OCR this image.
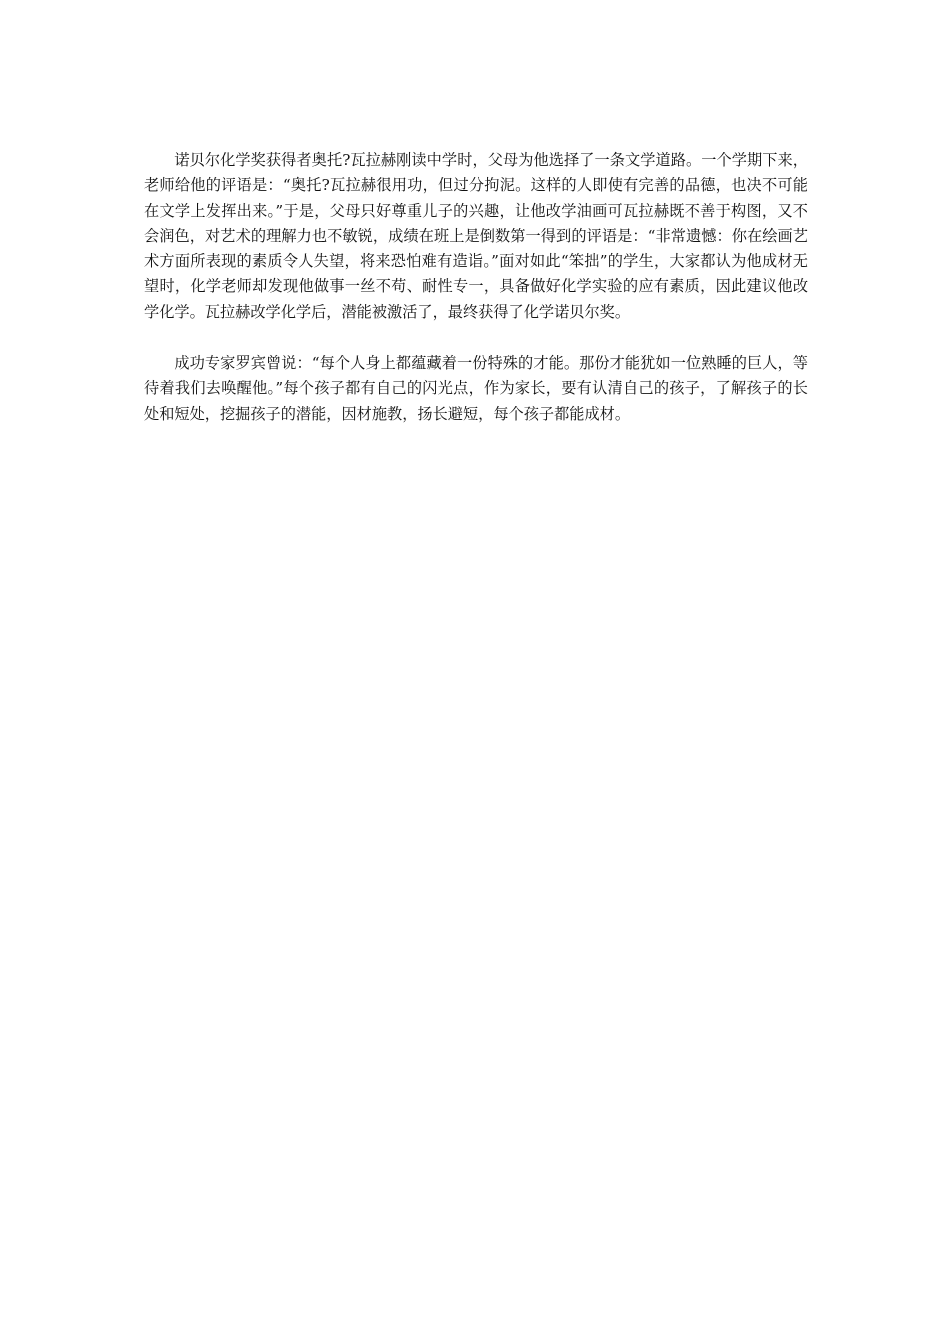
诺贝尔化学奖获得者奥托?瓦拉赫刚读中学时，父母为他选择了一条文学道路。一个学期下来，老师给他的评语是：“奥托?瓦拉赫很用功，但过分拘泥。这样的人即使有完善的品德，也决不可能在文学上发挥出来。”于是，父母只好尊重儿子的兴趣，让他改学油画可瓦拉赫既不善于构图，又不会润色，对艺术的理解力也不敏锐，成绩在班上是倒数第一得到的评语是：“非常遗憾：你在绘画艺术方面所表现的素质令人失望，将来恐怕难有造诣。”面对如此“笨拙”的学生，大家都认为他成材无望时，化学老师却发现他做事一丝不苟、耐性专一，具备做好化学实验的应有素质，因此建议他改学化学。瓦拉赫改学化学后，潜能被激活了，最终获得了化学诺贝尔奖。

成功专家罗宾曾说：“每个人身上都蕴藏着一份特殊的才能。那份才能犹如一位熟睡的巨人，等待着我们去唤醒他。”每个孩子都有自己的闪光点，作为家长，要有认清自己的孩子，了解孩子的长处和短处，挖掘孩子的潜能，因材施教，扬长避短，每个孩子都能成材。
